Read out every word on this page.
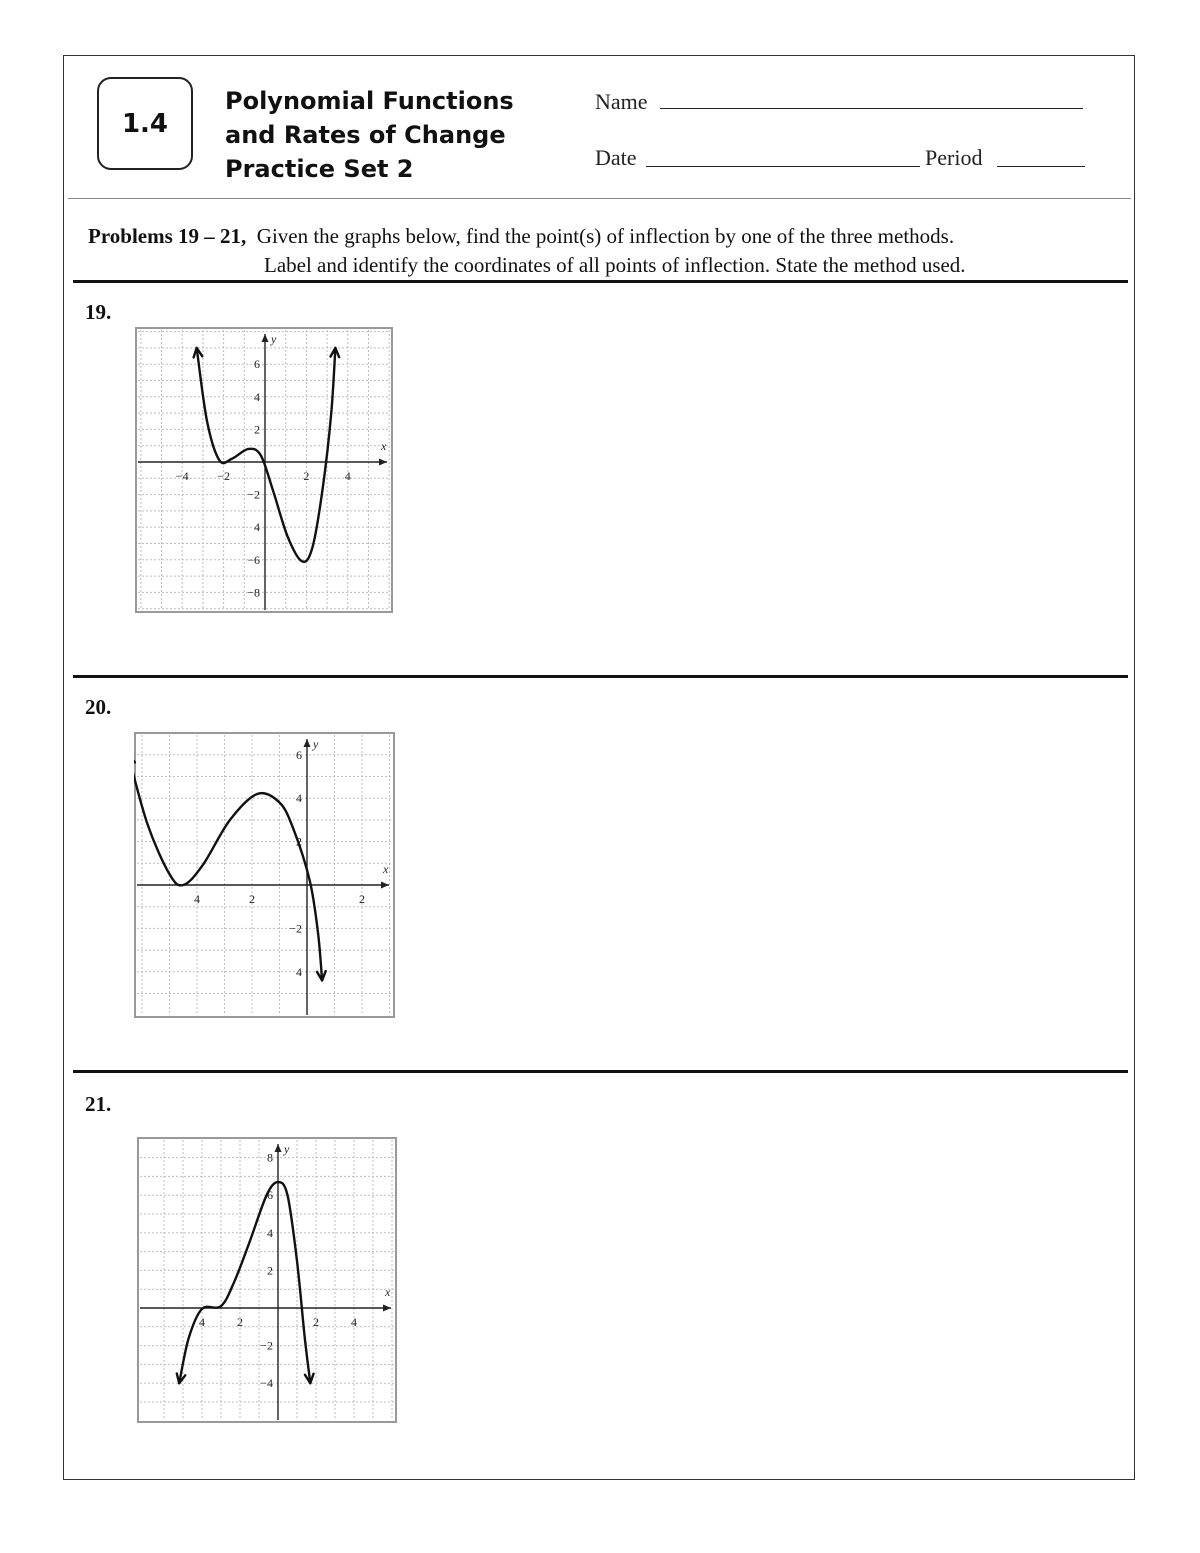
1.4
Polynomial Functions
and Rates of Change
Practice Set 2
Name
Date	Period
Problems 19 – 21, Given the graphs below, find the point(s) of inflection by one of the three methods.
Label and identify the coordinates of all points of inflection. State the method used.
19.
x
y
−4 −2	2	4
6
4
2
−2
4
−6
−8
20.
x
y
4	2	2
6
4
2
−2
4
21.
x
y
4	2	2	4
8
6
4
2
−2
−4
